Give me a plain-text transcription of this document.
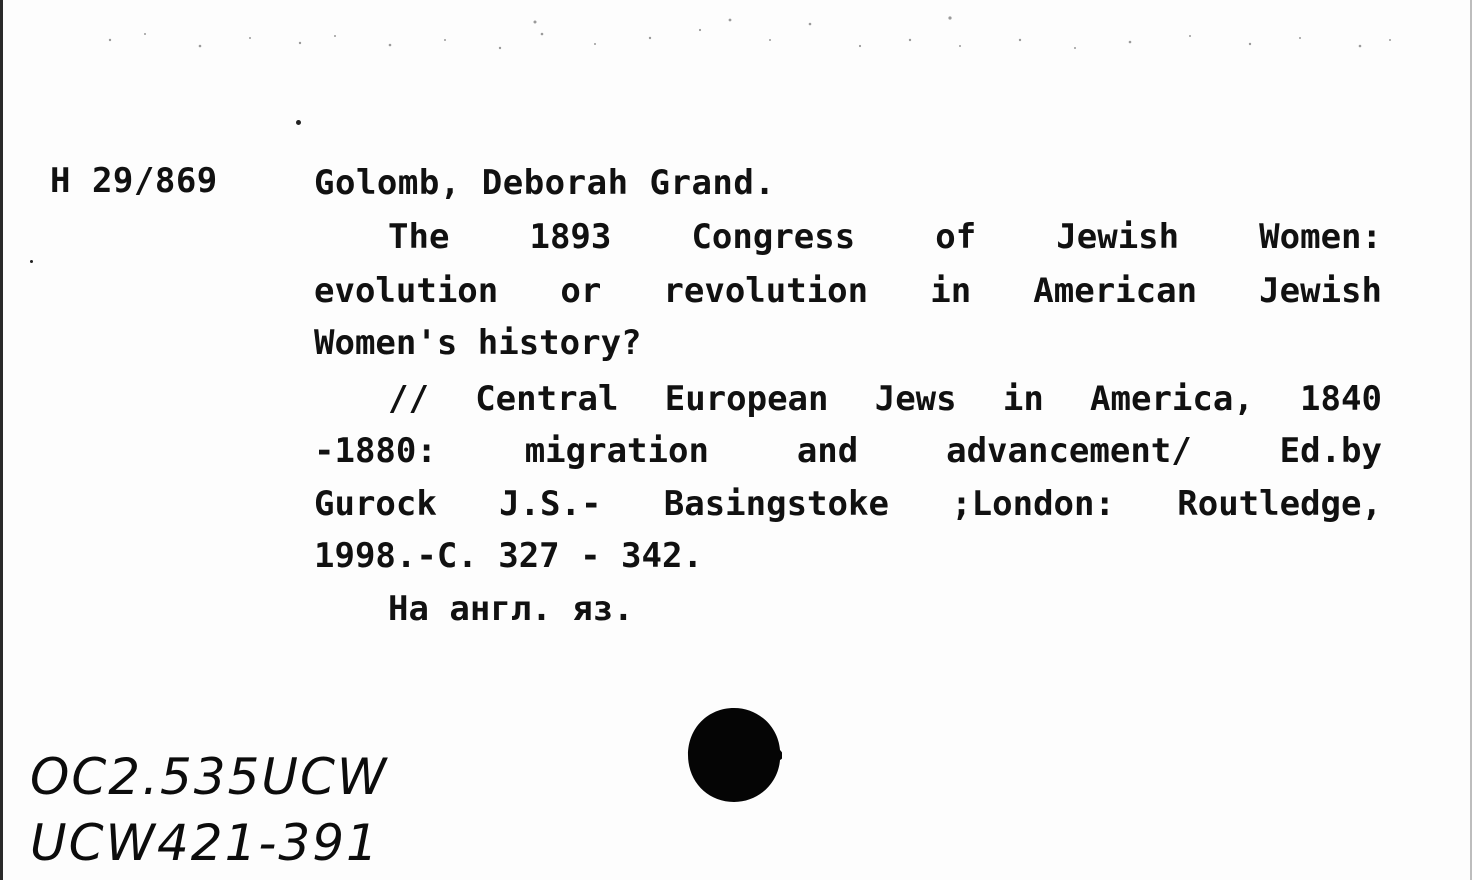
H 29/869	Golomb, Deborah Grand.
The 1893 Congress of Jewish Women:
evolution or revolution in American Jewish
Women's history?
// Central European Jews in America, 1840
-1880:	migration	and	advancement/	Ed.by
Gurock J.S.- Basingstoke ;London: Routledge,
1998.-C. 327 - 342.
На англ. яз.
OC2.535UCW
UCW421-391
